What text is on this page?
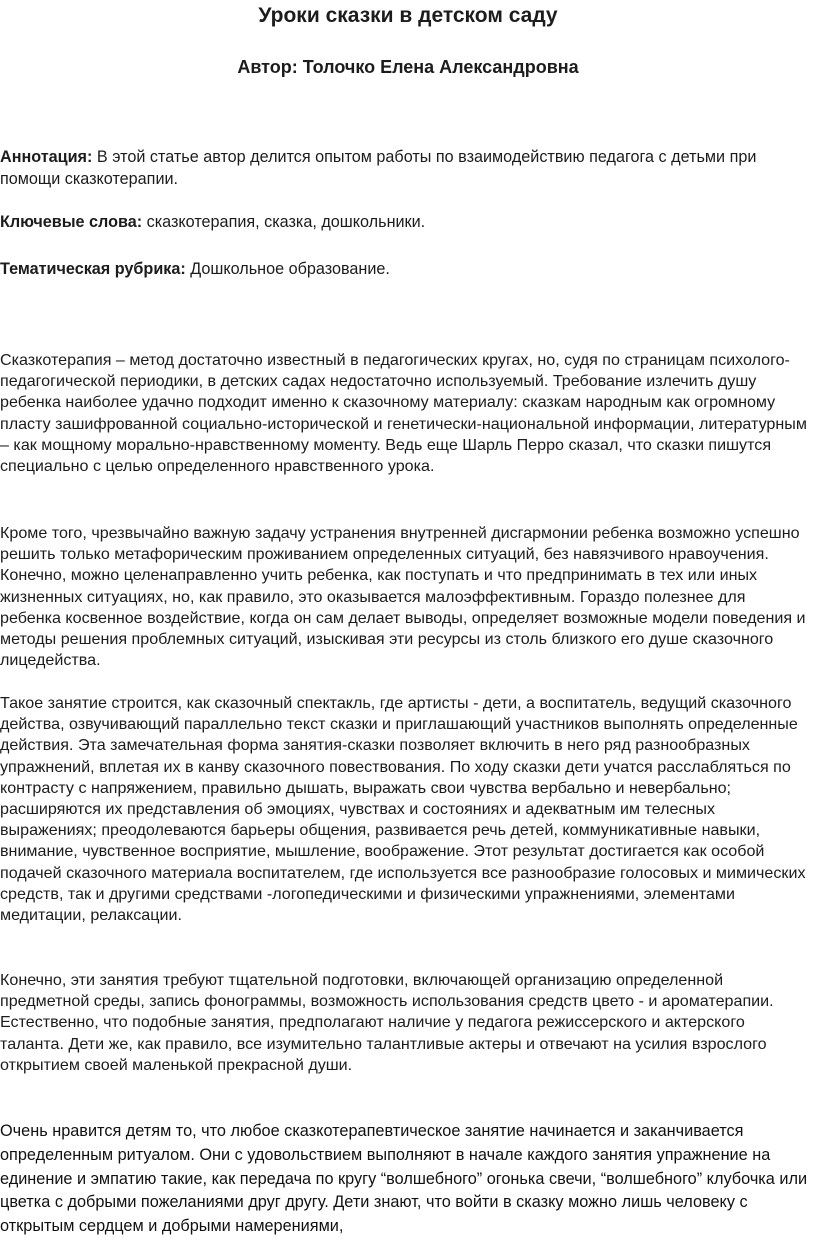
Уроки сказки в детском саду
Автор: Толочко Елена Александровна

Аннотация: В этой статье автор делится опытом работы по взаимодействию педагога с детьми при помощи сказкотерапии.

Ключевые слова: сказкотерапия, сказка, дошкольники.

Тематическая рубрика: Дошкольное образование.

Сказкотерапия – метод достаточно известный в педагогических кругах, но, судя по страницам психолого-педагогической периодики, в детских садах недостаточно используемый. Требование излечить душу ребенка наиболее удачно подходит именно к сказочному материалу: сказкам народным как огромному пласту зашифрованной социально-исторической и генетически-национальной информации, литературным – как мощному морально-нравственному моменту. Ведь еще Шарль Перро сказал, что сказки пишутся специально с целью определенного нравственного урока.

Кроме того, чрезвычайно важную задачу устранения внутренней дисгармонии ребенка возможно успешно решить только метафорическим проживанием определенных ситуаций, без навязчивого нравоучения. Конечно, можно целенаправленно учить ребенка, как поступать и что предпринимать в тех или иных жизненных ситуациях, но, как правило, это оказывается малоэффективным. Гораздо полезнее для ребенка косвенное воздействие, когда он сам делает выводы, определяет возможные модели поведения и методы решения проблемных ситуаций, изыскивая эти ресурсы из столь близкого его душе сказочного лицедейства.

Такое занятие строится, как сказочный спектакль, где артисты - дети, а воспитатель, ведущий сказочного действа, озвучивающий параллельно текст сказки и приглашающий участников выполнять определенные действия. Эта замечательная форма занятия-сказки позволяет включить в него ряд разнообразных упражнений, вплетая их в канву сказочного повествования. По ходу сказки дети учатся расслабляться по контрасту с напряжением, правильно дышать, выражать свои чувства вербально и невербально; расширяются их представления об эмоциях, чувствах и состояниях и адекватным им телесных выражениях; преодолеваются барьеры общения, развивается речь детей, коммуникативные навыки, внимание, чувственное восприятие, мышление, воображение. Этот результат достигается как особой подачей сказочного материала воспитателем, где используется все разнообразие голосовых и мимических средств, так и другими средствами -логопедическими и физическими упражнениями, элементами медитации, релаксации.

Конечно, эти занятия требуют тщательной подготовки, включающей организацию определенной предметной среды, запись фонограммы, возможность использования средств цвето - и ароматерапии. Естественно, что подобные занятия, предполагают наличие у педагога режиссерского и актерского таланта. Дети же, как правило, все изумительно талантливые актеры и отвечают на усилия взрослого открытием своей маленькой прекрасной души.

Очень нравится детям то, что любое сказкотерапевтическое занятие начинается и заканчивается определенным ритуалом. Они с удовольствием выполняют в начале каждого занятия упражнение на единение и эмпатию такие, как передача по кругу “волшебного” огонька свечи, “волшебного” клубочка или цветка с добрыми пожеланиями друг другу. Дети знают, что войти в сказку можно лишь человеку с открытым сердцем и добрыми намерениями,
